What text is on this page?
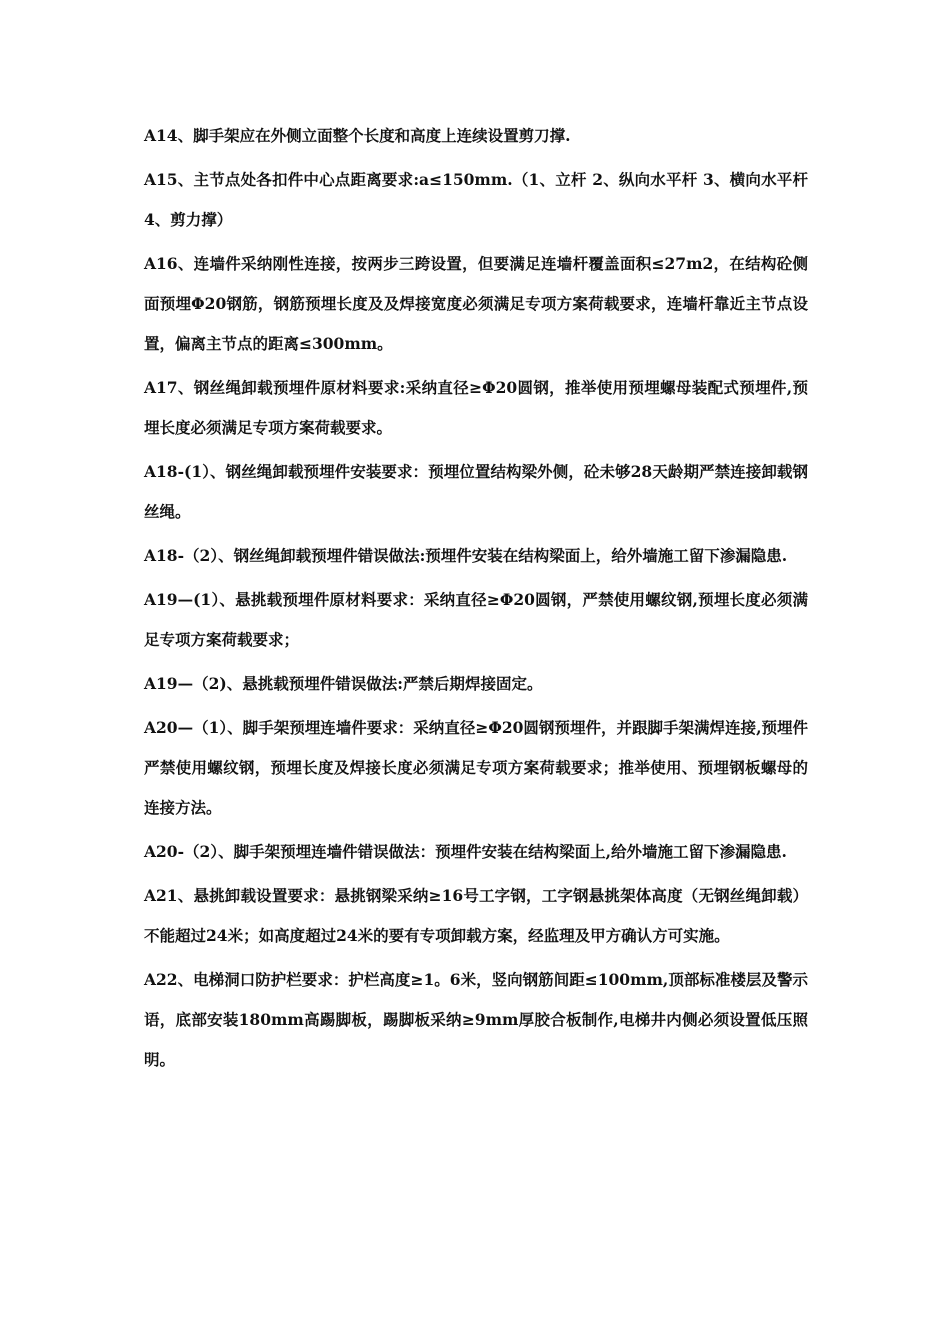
A14、脚手架应在外侧立面整个长度和高度上连续设置剪刀撑.

A15、主节点处各扣件中心点距离要求:a≤150mm.（1、立杆 2、纵向水平杆 3、横向水平杆 4、剪力撑）

A16、连墙件采纳刚性连接，按两步三跨设置，但要满足连墙杆覆盖面积≤27m2，在结构砼侧面预埋Φ20钢筋，钢筋预埋长度及及焊接宽度必须满足专项方案荷载要求，连墙杆靠近主节点设置，偏离主节点的距离≤300mm。

A17、钢丝绳卸载预埋件原材料要求:采纳直径≥Φ20圆钢，推举使用预埋螺母装配式预埋件,预埋长度必须满足专项方案荷载要求。

A18-(1）、钢丝绳卸载预埋件安装要求：预埋位置结构梁外侧，砼未够28天龄期严禁连接卸载钢丝绳。

A18-（2）、钢丝绳卸载预埋件错误做法:预埋件安装在结构梁面上，给外墙施工留下渗漏隐患.

A19—(1）、悬挑载预埋件原材料要求：采纳直径≥Φ20圆钢，严禁使用螺纹钢,预埋长度必须满足专项方案荷载要求；

A19—（2)、悬挑载预埋件错误做法:严禁后期焊接固定。

A20—（1）、脚手架预埋连墙件要求：采纳直径≥Φ20圆钢预埋件，并跟脚手架满焊连接,预埋件严禁使用螺纹钢，预埋长度及焊接长度必须满足专项方案荷载要求；推举使用、预埋钢板螺母的连接方法。

A20-（2）、脚手架预埋连墙件错误做法：预埋件安装在结构梁面上,给外墙施工留下渗漏隐患.

A21、悬挑卸载设置要求：悬挑钢梁采纳≥16号工字钢，工字钢悬挑架体高度（无钢丝绳卸载）不能超过24米；如高度超过24米的要有专项卸载方案，经监理及甲方确认方可实施。

A22、电梯洞口防护栏要求：护栏高度≥1。6米，竖向钢筋间距≤100mm,顶部标准楼层及警示语，底部安装180mm高踢脚板，踢脚板采纳≥9mm厚胶合板制作,电梯井内侧必须设置低压照明。
